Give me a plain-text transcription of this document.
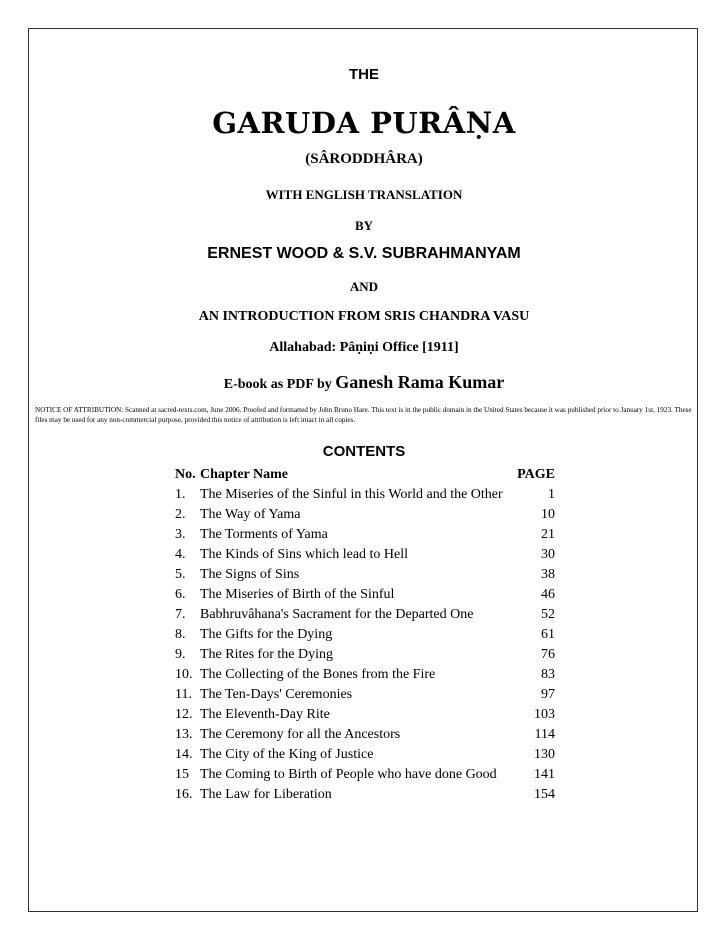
THE
GARUDA PURÂṆA
(SÂRODDHÂRA)
WITH ENGLISH TRANSLATION
BY
ERNEST WOOD & S.V. SUBRAHMANYAM
AND
AN INTRODUCTION FROM SRIS CHANDRA VASU
Allahabad: Pâṇiṇi Office [1911]
E-book as PDF by Ganesh Rama Kumar
NOTICE OF ATTRIBUTION: Scanned at sacred-texts.com, June 2006. Proofed and formatted by John Bruno Hare. This text is in the public domain in the United States because it was published prior to January 1st, 1923. These files may be used for any non-commercial purpose, provided this notice of attribution is left intact in all copies.
CONTENTS
No. Chapter Name	PAGE
1.	The Miseries of the Sinful in this World and the Other	1
2.	The Way of Yama	10
3.	The Torments of Yama	21
4.	The Kinds of Sins which lead to Hell	30
5.	The Signs of Sins	38
6.	The Miseries of Birth of the Sinful	46
7.	Babhruvâhana's Sacrament for the Departed One	52
8.	The Gifts for the Dying	61
9.	The Rites for the Dying	76
10. The Collecting of the Bones from the Fire	83
11. The Ten-Days' Ceremonies	97
12. The Eleventh-Day Rite	103
13. The Ceremony for all the Ancestors	114
14. The City of the King of Justice	130
15 The Coming to Birth of People who have done Good	141
16. The Law for Liberation	154
